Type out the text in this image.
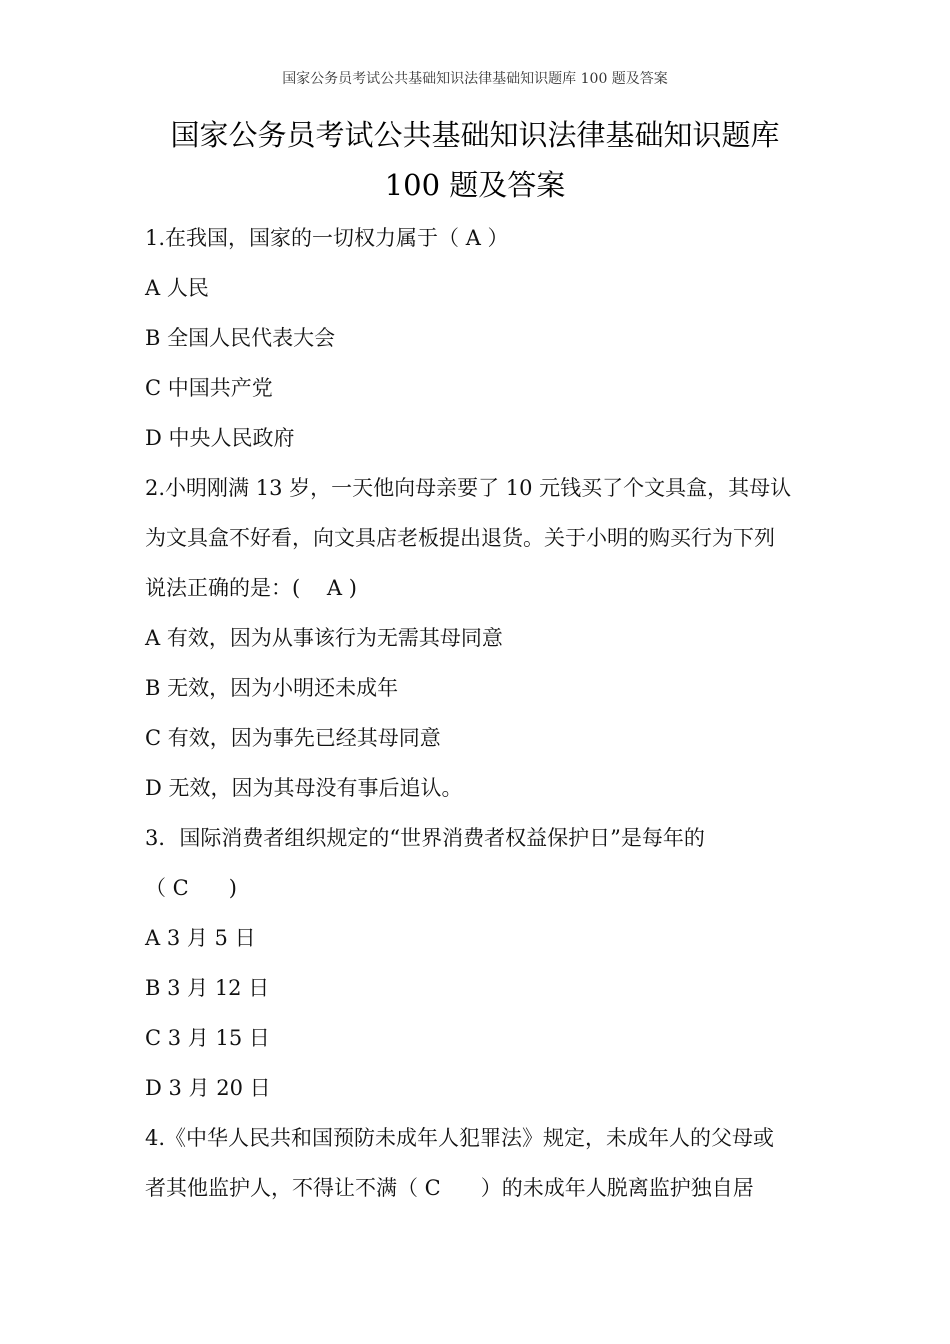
国家公务员考试公共基础知识法律基础知识题库 100 题及答案
国家公务员考试公共基础知识法律基础知识题库
100 题及答案
1.在我国，国家的一切权力属于（ A ）
A 人民
B 全国人民代表大会
C 中国共产党
D 中央人民政府
2.小明刚满 13 岁，一天他向母亲要了 10 元钱买了个文具盒，其母认
为文具盒不好看，向文具店老板提出退货。关于小明的购买行为下列
说法正确的是：(    A )
A 有效，因为从事该行为无需其母同意
B 无效，因为小明还未成年
C 有效，因为事先已经其母同意
D 无效，因为其母没有事后追认。
3．国际消费者组织规定的“世界消费者权益保护日”是每年的
（ C      )
A 3 月 5 日
B 3 月 12 日
C 3 月 15 日
D 3 月 20 日
4.《中华人民共和国预防未成年人犯罪法》规定，未成年人的父母或
者其他监护人，不得让不满（ C      ）的未成年人脱离监护独自居
